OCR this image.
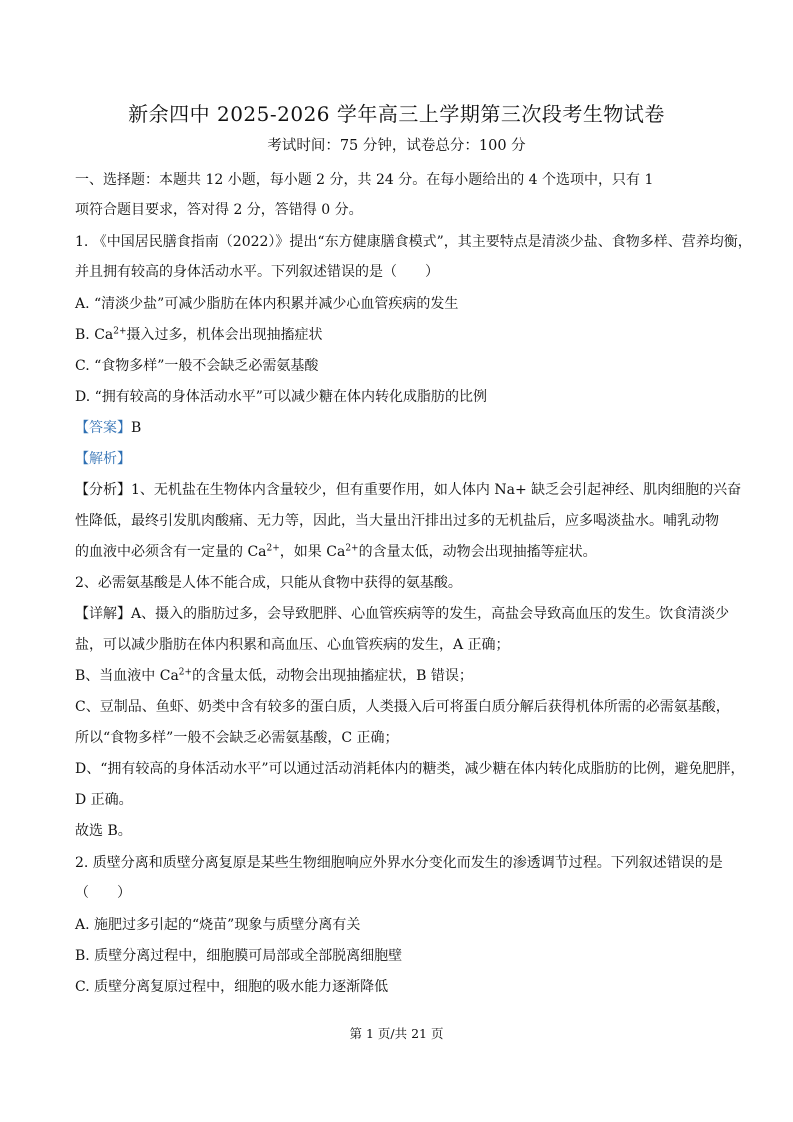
新余四中 2025-2026 学年高三上学期第三次段考生物试卷
考试时间：75 分钟，试卷总分：100 分
一、选择题：本题共 12 小题，每小题 2 分，共 24 分。在每小题给出的 4 个选项中，只有 1
项符合题目要求，答对得 2 分，答错得 0 分。
1. 《中国居民膳食指南（2022）》提出“东方健康膳食模式”，其主要特点是清淡少盐、食物多样、营养均衡，
并且拥有较高的身体活动水平。下列叙述错误的是（　　）
A. “清淡少盐”可减少脂肪在体内积累并减少心血管疾病的发生
B. $Ca^{2+}$摄入过多，机体会出现抽搐症状
C. “食物多样”一般不会缺乏必需氨基酸
D. “拥有较高的身体活动水平”可以减少糖在体内转化成脂肪的比例
【答案】B
【解析】
【分析】1、无机盐在生物体内含量较少，但有重要作用，如人体内 Na+ 缺乏会引起神经、肌肉细胞的兴奋
性降低，最终引发肌肉酸痛、无力等，因此，当大量出汗排出过多的无机盐后，应多喝淡盐水。哺乳动物
的血液中必须含有一定量的 $Ca^{2+}$，如果 $Ca^{2+}$的含量太低，动物会出现抽搐等症状。
2、必需氨基酸是人体不能合成，只能从食物中获得的氨基酸。
【详解】A、摄入的脂肪过多，会导致肥胖、心血管疾病等的发生，高盐会导致高血压的发生。饮食清淡少
盐，可以减少脂肪在体内积累和高血压、心血管疾病的发生，A 正确；
B、当血液中 $Ca^{2+}$的含量太低，动物会出现抽搐症状，B 错误；
C、豆制品、鱼虾、奶类中含有较多的蛋白质，人类摄入后可将蛋白质分解后获得机体所需的必需氨基酸，
所以“食物多样”一般不会缺乏必需氨基酸，C 正确；
D、“拥有较高的身体活动水平”可以通过活动消耗体内的糖类，减少糖在体内转化成脂肪的比例，避免肥胖，
D 正确。
故选 B。
2. 质壁分离和质壁分离复原是某些生物细胞响应外界水分变化而发生的渗透调节过程。下列叙述错误的是
（　　）
A. 施肥过多引起的“烧苗”现象与质壁分离有关
B. 质壁分离过程中，细胞膜可局部或全部脱离细胞壁
C. 质壁分离复原过程中，细胞的吸水能力逐渐降低
第 1 页/共 21 页
